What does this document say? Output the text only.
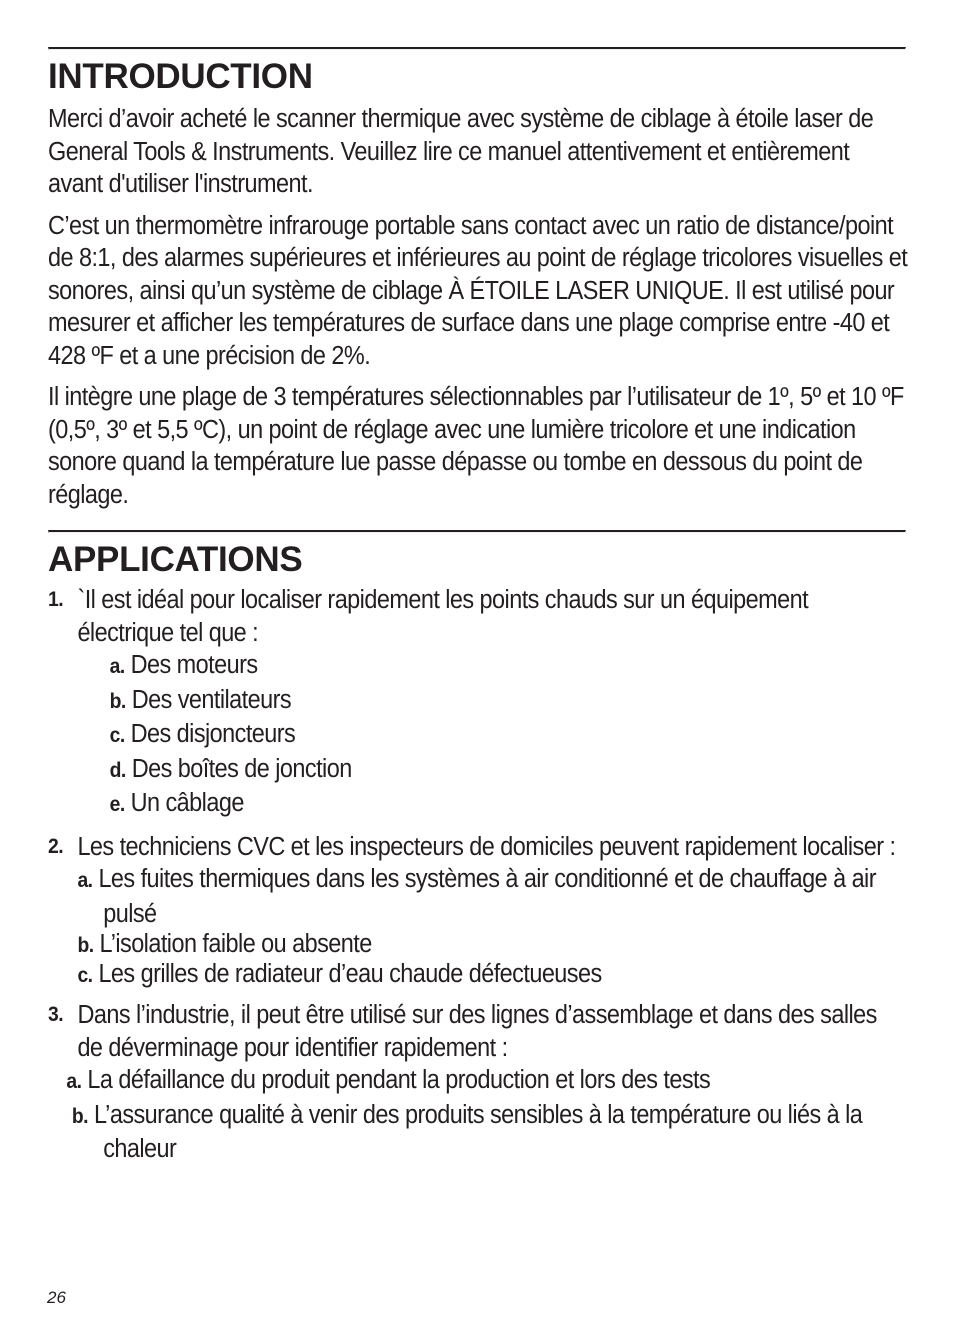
INTRODUCTION

Merci d’avoir acheté le scanner thermique avec système de ciblage à étoile laser de General Tools & Instruments. Veuillez lire ce manuel attentivement et entièrement avant d'utiliser l'instrument.

C’est un thermomètre infrarouge portable sans contact avec un ratio de distance/point de 8:1, des alarmes supérieures et inférieures au point de réglage tricolores visuelles et sonores, ainsi qu’un système de ciblage À ÉTOILE LASER UNIQUE. Il est utilisé pour mesurer et afficher les températures de surface dans une plage comprise entre -40 et 428 ºF et a une précision de 2%.

Il intègre une plage de 3 températures sélectionnables par l’utilisateur de 1º, 5º et 10 ºF (0,5º, 3º et 5,5 ºC), un point de réglage avec une lumière tricolore et une indication sonore quand la température lue passe dépasse ou tombe en dessous du point de réglage.

APPLICATIONS
1. `Il est idéal pour localiser rapidement les points chauds sur un équipement électrique tel que :

a. Des moteurs
b. Des ventilateurs
c. Des disjoncteurs
d. Des boîtes de jonction
e. Un câblage
2. Les techniciens CVC et les inspecteurs de domiciles peuvent rapidement localiser :

a. Les fuites thermiques dans les systèmes à air conditionné et de chauffage à air pulsé
b. L’isolation faible ou absente
c. Les grilles de radiateur d’eau chaude défectueuses
3. Dans l’industrie, il peut être utilisé sur des lignes d’assemblage et dans des salles de déverminage pour identifier rapidement :

a. La défaillance du produit pendant la production et lors des tests
b. L’assurance qualité à venir des produits sensibles à la température ou liés à la chaleur
26
